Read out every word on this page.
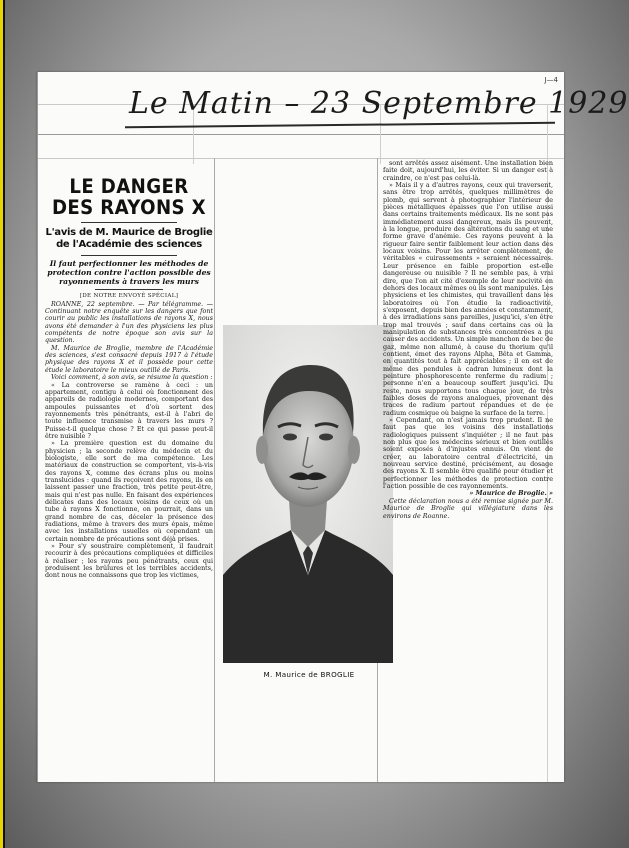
J—4
Le Matin – 23 Septembre 1929
LE DANGER
DES RAYONS X
L'avis de M. Maurice de Broglie de l'Académie des sciences
Il faut perfectionner les méthodes de protection contre l'action possible des rayonnements à travers les murs

[DE NOTRE ENVOYÉ SPÉCIAL]

ROANNE, 22 septembre. — Par télégramme. — Continuant notre enquête sur les dangers que font courir au public les installations de rayons X, nous avons été demander à l'un des physiciens les plus compétents de notre époque son avis sur la question.

M. Maurice de Broglie, membre de l'Académie des sciences, s'est consacré depuis 1917 à l'étude physique des rayons X et il possède pour cette étude le laboratoire le mieux outillé de Paris.

Voici comment, à son avis, se résume la question :

« La controverse se ramène à ceci : un appartement, contigu à celui où fonctionnent des appareils de radiologie modernes, comportant des ampoules puissantes et d'où sortent des rayonnements très pénétrants, est-il à l'abri de toute influence transmise à travers les murs ? Puisse-t-il quelque chose ? Et ce qui passe peut-il être nuisible ?

» La première question est du domaine du physicien ; la seconde relève du médecin et du biologiste, elle sort de ma compétence. Les matériaux de construction se comportent, vis-à-vis des rayons X, comme des écrans plus ou moins translucides : quand ils reçoivent des rayons, ils en laissent passer une fraction, très petite peut-être, mais qui n'est pas nulle. En faisant des expériences délicates dans des locaux voisins de ceux où un tube à rayons X fonctionne, on pourrait, dans un grand nombre de cas, déceler la présence des radiations, même à travers des murs épais, même avec les installations usuelles où cependant un certain nombre de précautions sont déjà prises.

» Pour s'y soustraire complètement, il faudrait recourir à des précautions compliquées et difficiles à réaliser ; les rayons peu pénétrants, ceux qui produisent les brûlures et les terribles accidents, dont nous ne connaissons que trop les victimes,

M. Maurice de BROGLIE

sont arrêtés assez aisément. Une installation bien faite doit, aujourd'hui, les éviter. Si un danger est à craindre, ce n'est pas celui-là.

» Mais il y a d'autres rayons, ceux qui traversent, sans être trop arrêtés, quelques millimètres de plomb, qui servent à photographier l'intérieur de pièces métalliques épaisses que l'on utilise aussi dans certains traitements médicaux. Ils ne sont pas immédiatement aussi dangereux, mais ils peuvent, à la longue, produire des altérations du sang et une forme grave d'anémie. Ces rayons peuvent à la rigueur faire sentir faiblement leur action dans des locaux voisins. Pour les arrêter complètement, de véritables « cuirassements » seraient nécessaires. Leur présence en faible proportion est-elle dangereuse ou nuisible ? Il ne semble pas, à vrai dire, que l'on ait cité d'exemple de leur nocivité en dehors des locaux mêmes où ils sont manipulés. Les physiciens et les chimistes, qui travaillent dans les laboratoires où l'on étudie la radioactivité, s'exposent, depuis bien des années et constamment, à des irradiations sans pareilles, jusqu'ici, s'en être trop mal trouvés ; sauf dans certains cas où la manipulation de substances très concentrées a pu causer des accidents. Un simple manchon de bec de gaz, même non allumé, à cause du thorium qu'il contient, émet des rayons Alpha, Bêta et Gamma, en quantités tout à fait appréciables ; il en est de même des pendules à cadran lumineux dont la peinture phosphorescente renferme du radium ; personne n'en a beaucoup souffert jusqu'ici. Du reste, nous supportons tous chaque jour, de très faibles doses de rayons analogues, provenant des traces de radium partout répandues et de ce radium cosmique où baigne la surface de la terre.

» Cependant, on n'est jamais trop prudent. Il ne faut pas que les voisins des installations radiologiques puissent s'inquiéter ; il ne faut pas non plus que les médecins sérieux et bien outillés soient exposés à d'injustes ennuis. On vient de créer, au laboratoire central d'électricité, un nouveau service destiné, précisément, au dosage des rayons X. Il semble être qualifié pour étudier et perfectionner les méthodes de protection contre l'action possible de ces rayonnements.

» Maurice de Broglie. »

Cette déclaration nous a été remise signée par M. Maurice de Broglie qui villégiature dans les environs de Roanne.
